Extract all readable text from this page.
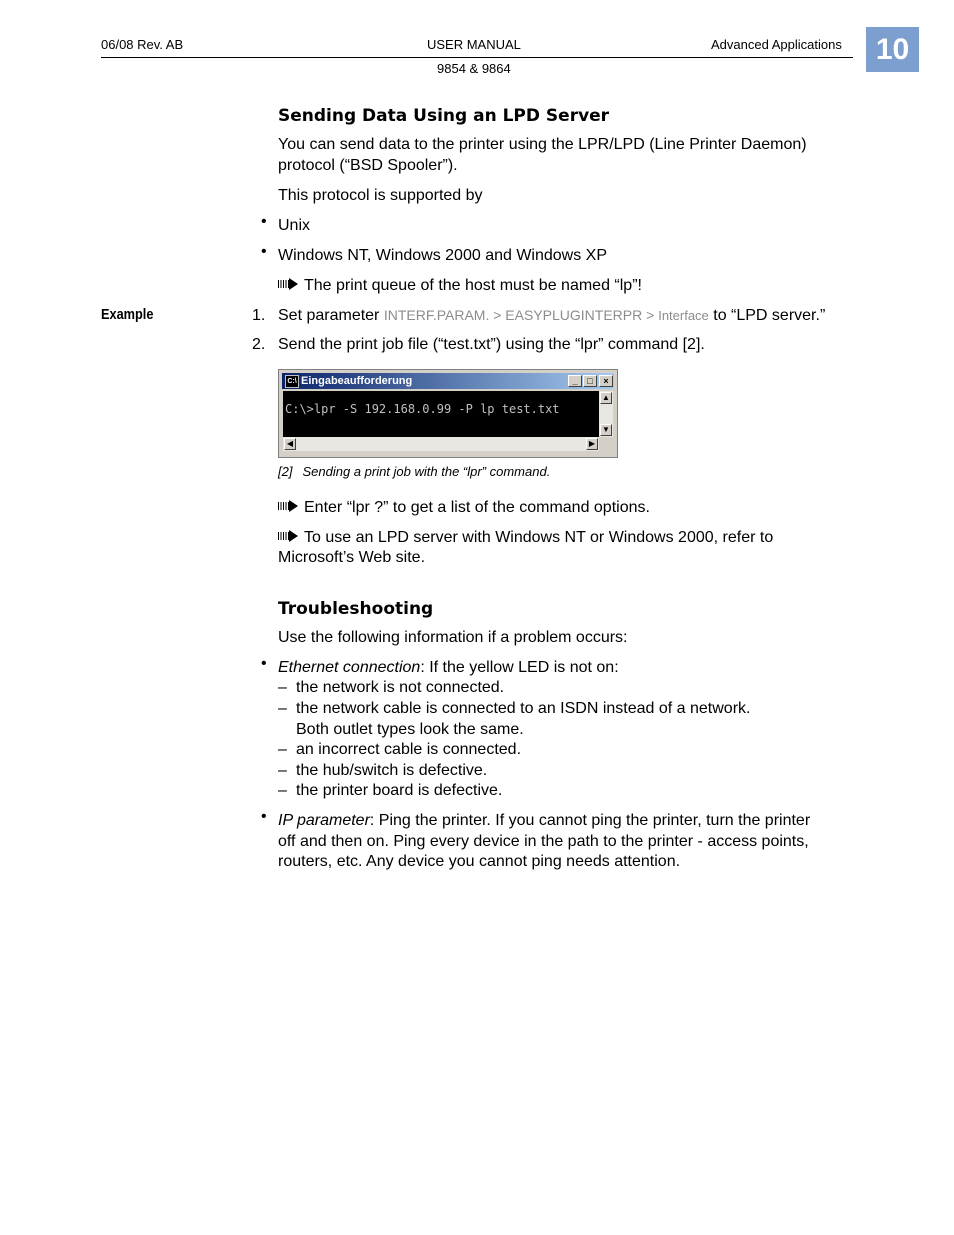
06/08 Rev. AB	USER MANUAL	Advanced Applications
9854 & 9864
10
Sending Data Using an LPD Server
You can send data to the printer using the LPR/LPD (Line Printer Daemon)
protocol (“BSD Spooler”).
This protocol is supported by
• Unix
• Windows NT, Windows 2000 and Windows XP
The print queue of the host must be named “lp”!
Example	1. Set parameter INTERF.PARAM. > EASYPLUGINTERPR > Interface to “LPD server.”
2. Send the print job file (“test.txt”) using the “lpr” command [2].
C:\ Eingabeaufforderung	_	□	×
C:\>lpr -S 192.168.0.99 -P lp test.txt
▲
▼
◀	▶
[2] Sending a print job with the “lpr” command.
Enter “lpr ?” to get a list of the command options.
To use an LPD server with Windows NT or Windows 2000, refer to
Microsoft’s Web site.
Troubleshooting
Use the following information if a problem occurs:
• Ethernet connection: If the yellow LED is not on:
– the network is not connected.
– the network cable is connected to an ISDN instead of a network.
Both outlet types look the same.
– an incorrect cable is connected.
– the hub/switch is defective.
– the printer board is defective.
• IP parameter: Ping the printer. If you cannot ping the printer, turn the printer
off and then on. Ping every device in the path to the printer - access points,
routers, etc. Any device you cannot ping needs attention.
